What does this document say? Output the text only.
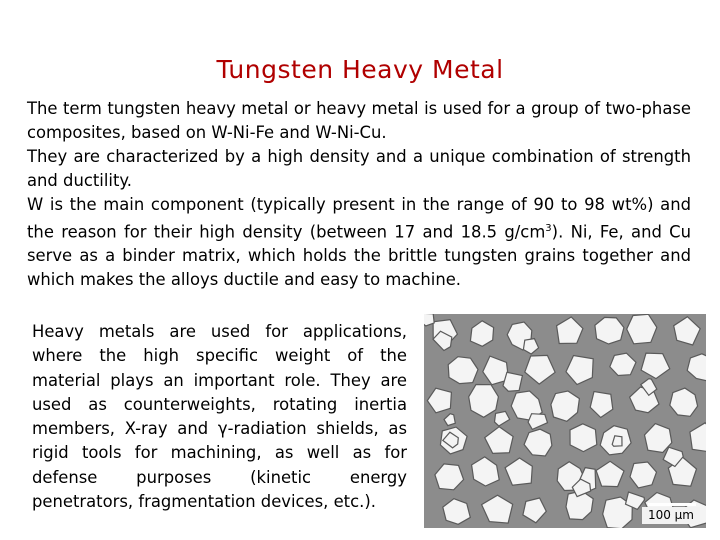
Tungsten Heavy Metal

The term tungsten heavy metal or heavy metal is used for a group of two-phase composites, based on W-Ni-Fe and W-Ni-Cu.

They are characterized by a high density and a unique combination of strength and ductility.

W is the main component (typically present in the range of 90 to 98 wt%) and the reason for their high density (between 17 and 18.5 $g/cm^3$). Ni, Fe, and Cu serve as a binder matrix, which holds the brittle tungsten grains together and which makes the alloys ductile and easy to machine.

Heavy metals are used for applications, where the high specific weight of the material plays an important role. They are used as counterweights, rotating inertia members, X-ray and γ-radiation shields, as rigid tools for machining, as well as for defense purposes (kinetic energy penetrators, fragmentation devices, etc.).
100 μm
